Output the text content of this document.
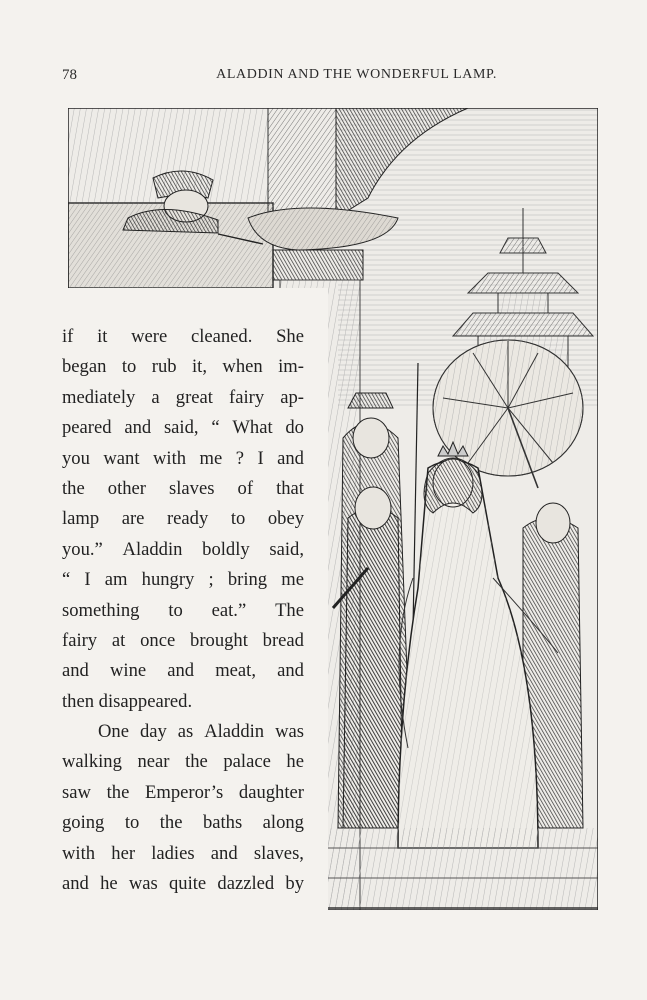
78	ALADDIN AND THE WONDERFUL LAMP.
if it were cleaned. She
began to rub it, when im-
mediately a great fairy ap-
peared and said, “ What do
you want with me ? I and
the other slaves of that
lamp are ready to obey
you.” Aladdin boldly said,
“ I am hungry ; bring me
something to eat.” The
fairy at once brought bread
and wine and meat, and
then disappeared.
One day as Aladdin was
walking near the palace he
saw the Emperor’s daughter
going to the baths along
with her ladies and slaves,
and he was quite dazzled by
